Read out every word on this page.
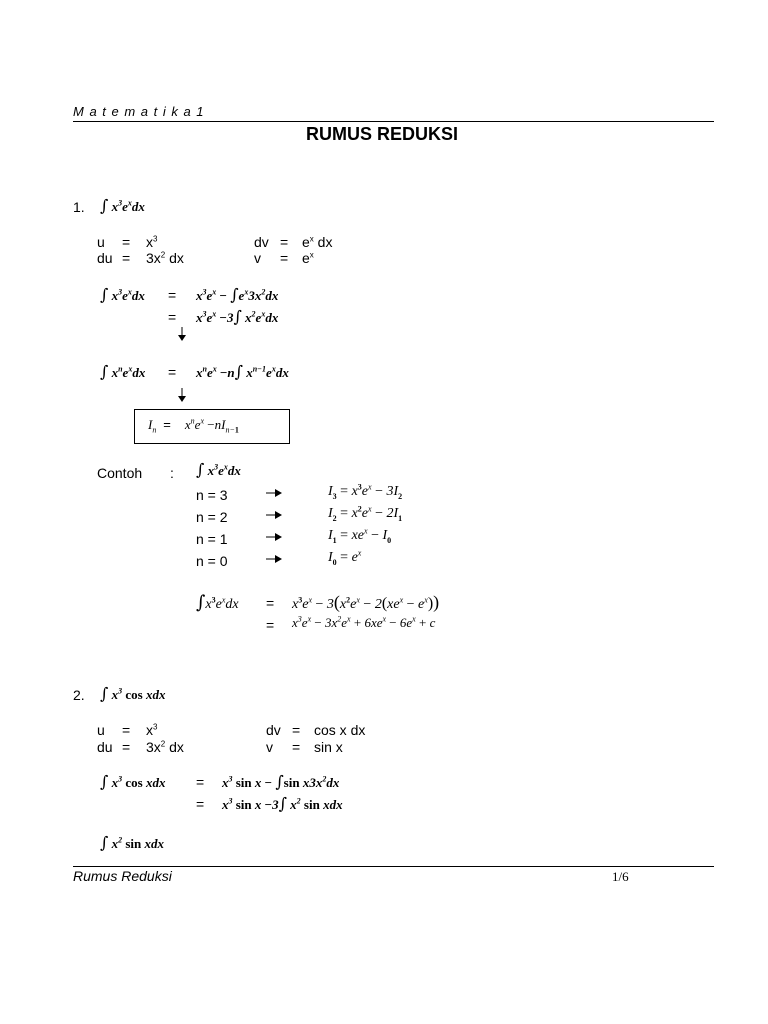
M a t e m a t i k a 1
RUMUS REDUKSI
1. ∫ $x^3e^xdx$
$u = x^3$	dv = $e^x$ dx
du = $3x^2$ dx	$v = e^x$
∫ $x^3e^xdx = x^3e^x - \int e^x3x^2dx$
= $x^3e^x -3\int$ $x^2e^xdx$
∫ $x^ne^xdx = x^ne^x -n\int$ $x^{n-1}e^xdx$
$I_n$  =    $x^ne^x -nI_{n-1}$
Contoh : ∫ $x^3e^xdx$
n = 3	$I_3 = x^3e^x - 3I_2$
n = 2	$I_2 = x^2e^x - 2I_1$
n = 1	$I_1 = xe^x - I_0$
n = 0	$I_0 = e^x$
$\int x^3e^xdx = x^3e^x - 3(x^2e^x - 2(xe^x - e^x))$
= $x^3e^x - 3x^2e^x + 6xe^x - 6e^x + c$
2. ∫ $x^3$ cos xdx
$u = x^3$	dv = cos x dx
du = $3x^2$ dx	v = sin x
∫ $x^3$ cos xdx = $x^3$ sin x − ∫sin $x3x^2dx$
= $x^3$ sin x −3∫ $x^2$ sin xdx
∫ $x^2$ sin xdx
Rumus Reduksi	1/6
